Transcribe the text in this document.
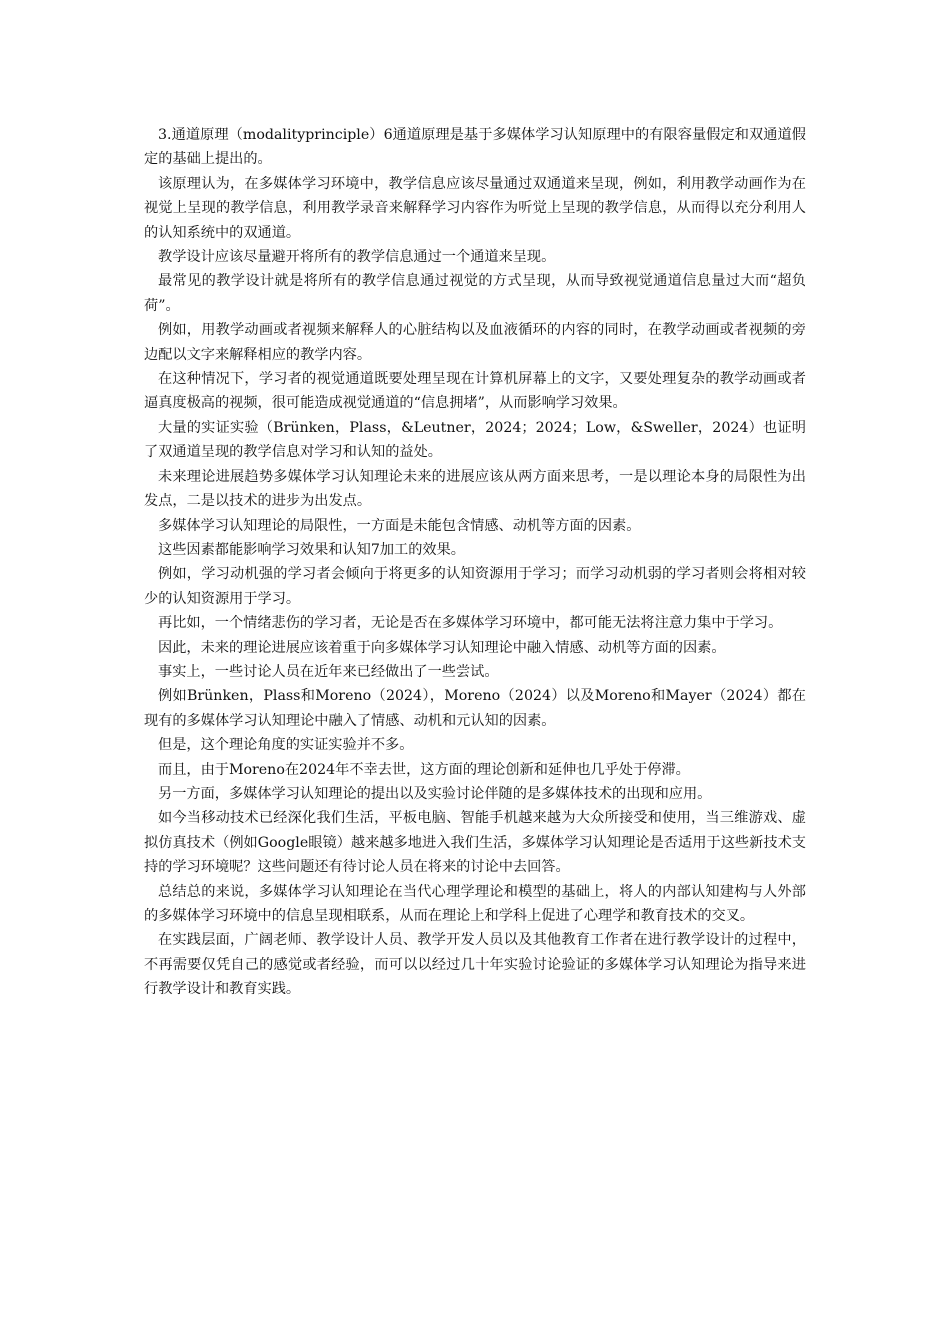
3.通道原理（modalityprinciple）6通道原理是基于多媒体学习认知原理中的有限容量假定和双通道假定的基础上提出的。

该原理认为，在多媒体学习环境中，教学信息应该尽量通过双通道来呈现，例如，利用教学动画作为在视觉上呈现的教学信息，利用教学录音来解释学习内容作为听觉上呈现的教学信息，从而得以充分利用人的认知系统中的双通道。

教学设计应该尽量避开将所有的教学信息通过一个通道来呈现。

最常见的教学设计就是将所有的教学信息通过视觉的方式呈现，从而导致视觉通道信息量过大而“超负荷”。

例如，用教学动画或者视频来解释人的心脏结构以及血液循环的内容的同时，在教学动画或者视频的旁边配以文字来解释相应的教学内容。

在这种情况下，学习者的视觉通道既要处理呈现在计算机屏幕上的文字，又要处理复杂的教学动画或者逼真度极高的视频，很可能造成视觉通道的“信息拥堵”，从而影响学习效果。

大量的实证实验（Brünken，Plass，&Leutner，2024；2024；Low，&Sweller，2024）也证明了双通道呈现的教学信息对学习和认知的益处。

未来理论进展趋势多媒体学习认知理论未来的进展应该从两方面来思考，一是以理论本身的局限性为出发点，二是以技术的进步为出发点。

多媒体学习认知理论的局限性，一方面是未能包含情感、动机等方面的因素。

这些因素都能影响学习效果和认知7加工的效果。

例如，学习动机强的学习者会倾向于将更多的认知资源用于学习；而学习动机弱的学习者则会将相对较少的认知资源用于学习。

再比如，一个情绪悲伤的学习者，无论是否在多媒体学习环境中，都可能无法将注意力集中于学习。

因此，未来的理论进展应该着重于向多媒体学习认知理论中融入情感、动机等方面的因素。

事实上，一些讨论人员在近年来已经做出了一些尝试。

例如Brünken，Plass和Moreno（2024），Moreno（2024）以及Moreno和Mayer（2024）都在现有的多媒体学习认知理论中融入了情感、动机和元认知的因素。

但是，这个理论角度的实证实验并不多。

而且，由于Moreno在2024年不幸去世，这方面的理论创新和延伸也几乎处于停滞。

另一方面，多媒体学习认知理论的提出以及实验讨论伴随的是多媒体技术的出现和应用。

如今当移动技术已经深化我们生活，平板电脑、智能手机越来越为大众所接受和使用，当三维游戏、虚拟仿真技术（例如Google眼镜）越来越多地进入我们生活，多媒体学习认知理论是否适用于这些新技术支持的学习环境呢？这些问题还有待讨论人员在将来的讨论中去回答。

总结总的来说，多媒体学习认知理论在当代心理学理论和模型的基础上，将人的内部认知建构与人外部的多媒体学习环境中的信息呈现相联系，从而在理论上和学科上促进了心理学和教育技术的交叉。

在实践层面，广阔老师、教学设计人员、教学开发人员以及其他教育工作者在进行教学设计的过程中，不再需要仅凭自己的感觉或者经验，而可以以经过几十年实验讨论验证的多媒体学习认知理论为指导来进行教学设计和教育实践。
